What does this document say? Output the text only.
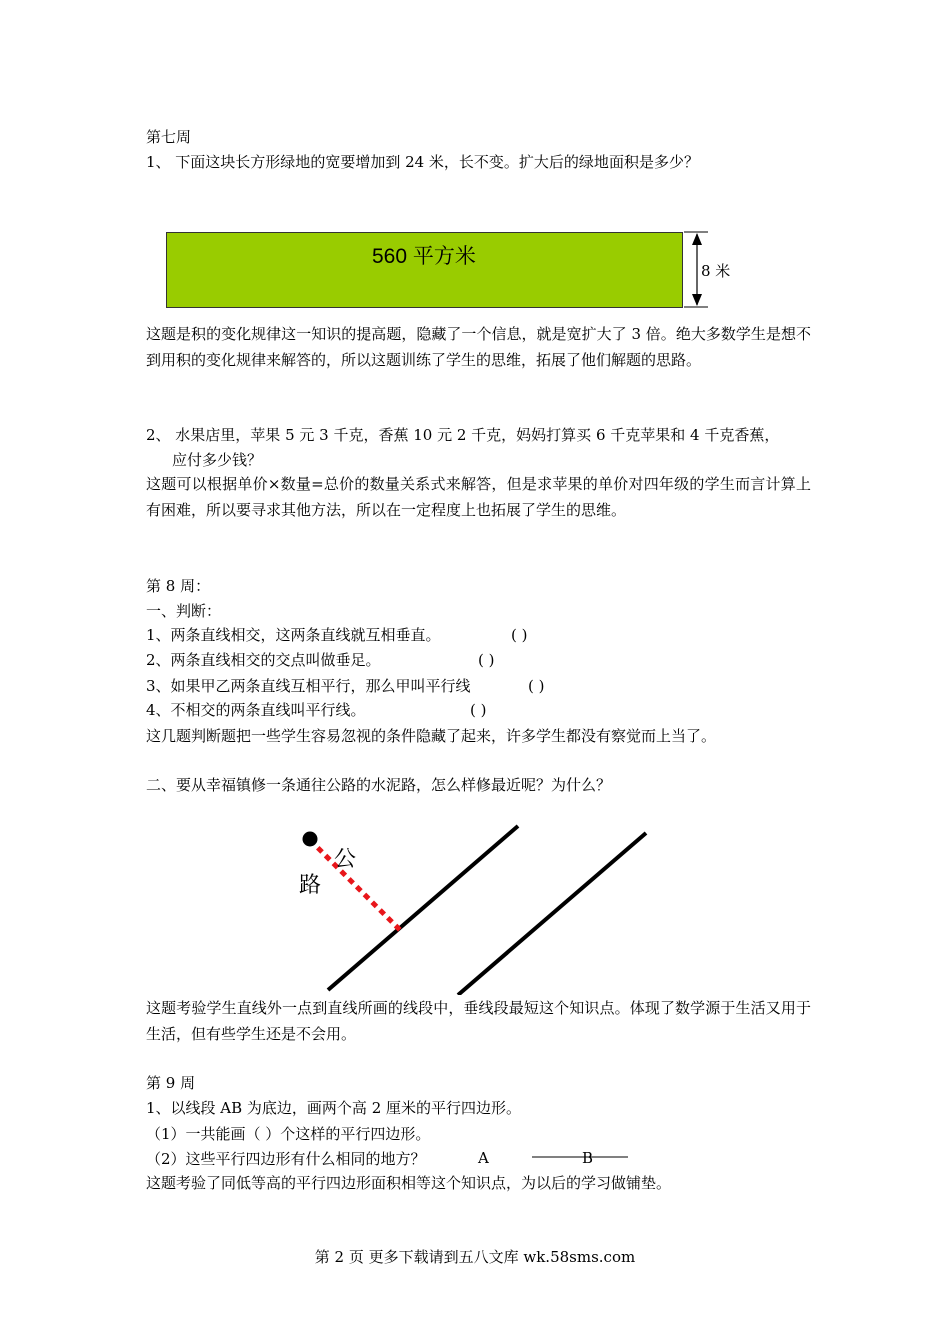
第七周
1、 下面这块长方形绿地的宽要增加到 24 米，长不变。扩大后的绿地面积是多少？
560 平方米
8 米
这题是积的变化规律这一知识的提高题，隐藏了一个信息，就是宽扩大了 3 倍。绝大多数学生是想不到用积的变化规律来解答的，所以这题训练了学生的思维，拓展了他们解题的思路。
2、 水果店里，苹果 5 元 3 千克，香蕉 10 元 2 千克，妈妈打算买 6 千克苹果和 4 千克香蕉，
应付多少钱？
这题可以根据单价×数量=总价的数量关系式来解答，但是求苹果的单价对四年级的学生而言计算上有困难，所以要寻求其他方法，所以在一定程度上也拓展了学生的思维。
第 8 周：
一、判断：
1、两条直线相交，这两条直线就互相垂直。	( )
2、两条直线相交的交点叫做垂足。	( )
3、如果甲乙两条直线互相平行，那么甲叫平行线	( )
4、不相交的两条直线叫平行线。	( )
这几题判断题把一些学生容易忽视的条件隐藏了起来，许多学生都没有察觉而上当了。
二、要从幸福镇修一条通往公路的水泥路，怎么样修最近呢？为什么？
公
路
这题考验学生直线外一点到直线所画的线段中，垂线段最短这个知识点。体现了数学源于生活又用于生活，但有些学生还是不会用。
第 9 周
1、以线段 AB 为底边，画两个高 2 厘米的平行四边形。
（1）一共能画（ ）个这样的平行四边形。
（2）这些平行四边形有什么相同的地方？	A	B
这题考验了同低等高的平行四边形面积相等这个知识点，为以后的学习做铺垫。
第 2 页 更多下载请到五八文库 wk.58sms.com
